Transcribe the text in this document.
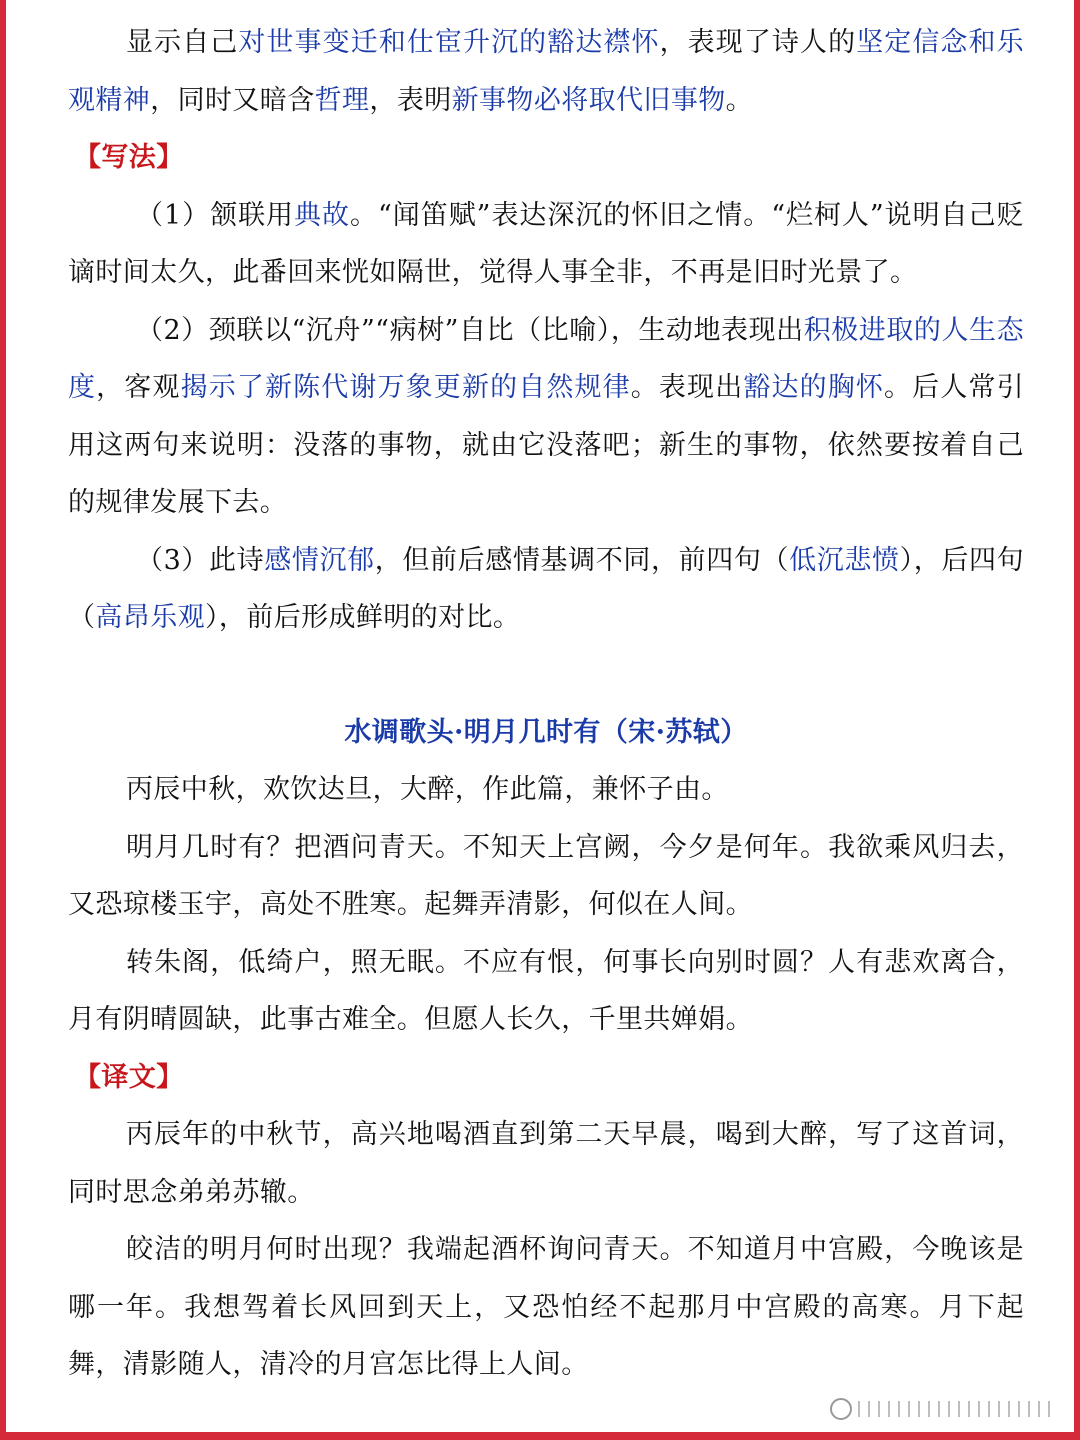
显示自己对世事变迁和仕宦升沉的豁达襟怀，表现了诗人的坚定信念和乐观精神，同时又暗含哲理，表明新事物必将取代旧事物。

【写法】

（1）颔联用典故。“闻笛赋”表达深沉的怀旧之情。“烂柯人”说明自己贬谪时间太久，此番回来恍如隔世，觉得人事全非，不再是旧时光景了。

（2）颈联以“沉舟”“病树”自比（比喻），生动地表现出积极进取的人生态度，客观揭示了新陈代谢万象更新的自然规律。表现出豁达的胸怀。后人常引用这两句来说明：没落的事物，就由它没落吧；新生的事物，依然要按着自己的规律发展下去。

（3）此诗感情沉郁，但前后感情基调不同，前四句（低沉悲愤），后四句（高昂乐观），前后形成鲜明的对比。

水调歌头·明月几时有（宋·苏轼）

丙辰中秋，欢饮达旦，大醉，作此篇，兼怀子由。

明月几时有？把酒问青天。不知天上宫阙，今夕是何年。我欲乘风归去，又恐琼楼玉宇，高处不胜寒。起舞弄清影，何似在人间。

转朱阁，低绮户，照无眠。不应有恨，何事长向别时圆？人有悲欢离合，月有阴晴圆缺，此事古难全。但愿人长久，千里共婵娟。

【译文】

丙辰年的中秋节，高兴地喝酒直到第二天早晨，喝到大醉，写了这首词，同时思念弟弟苏辙。

皎洁的明月何时出现？我端起酒杯询问青天。不知道月中宫殿，今晚该是哪一年。我想驾着长风回到天上，又恐怕经不起那月中宫殿的高寒。月下起舞，清影随人，清冷的月宫怎比得上人间。
